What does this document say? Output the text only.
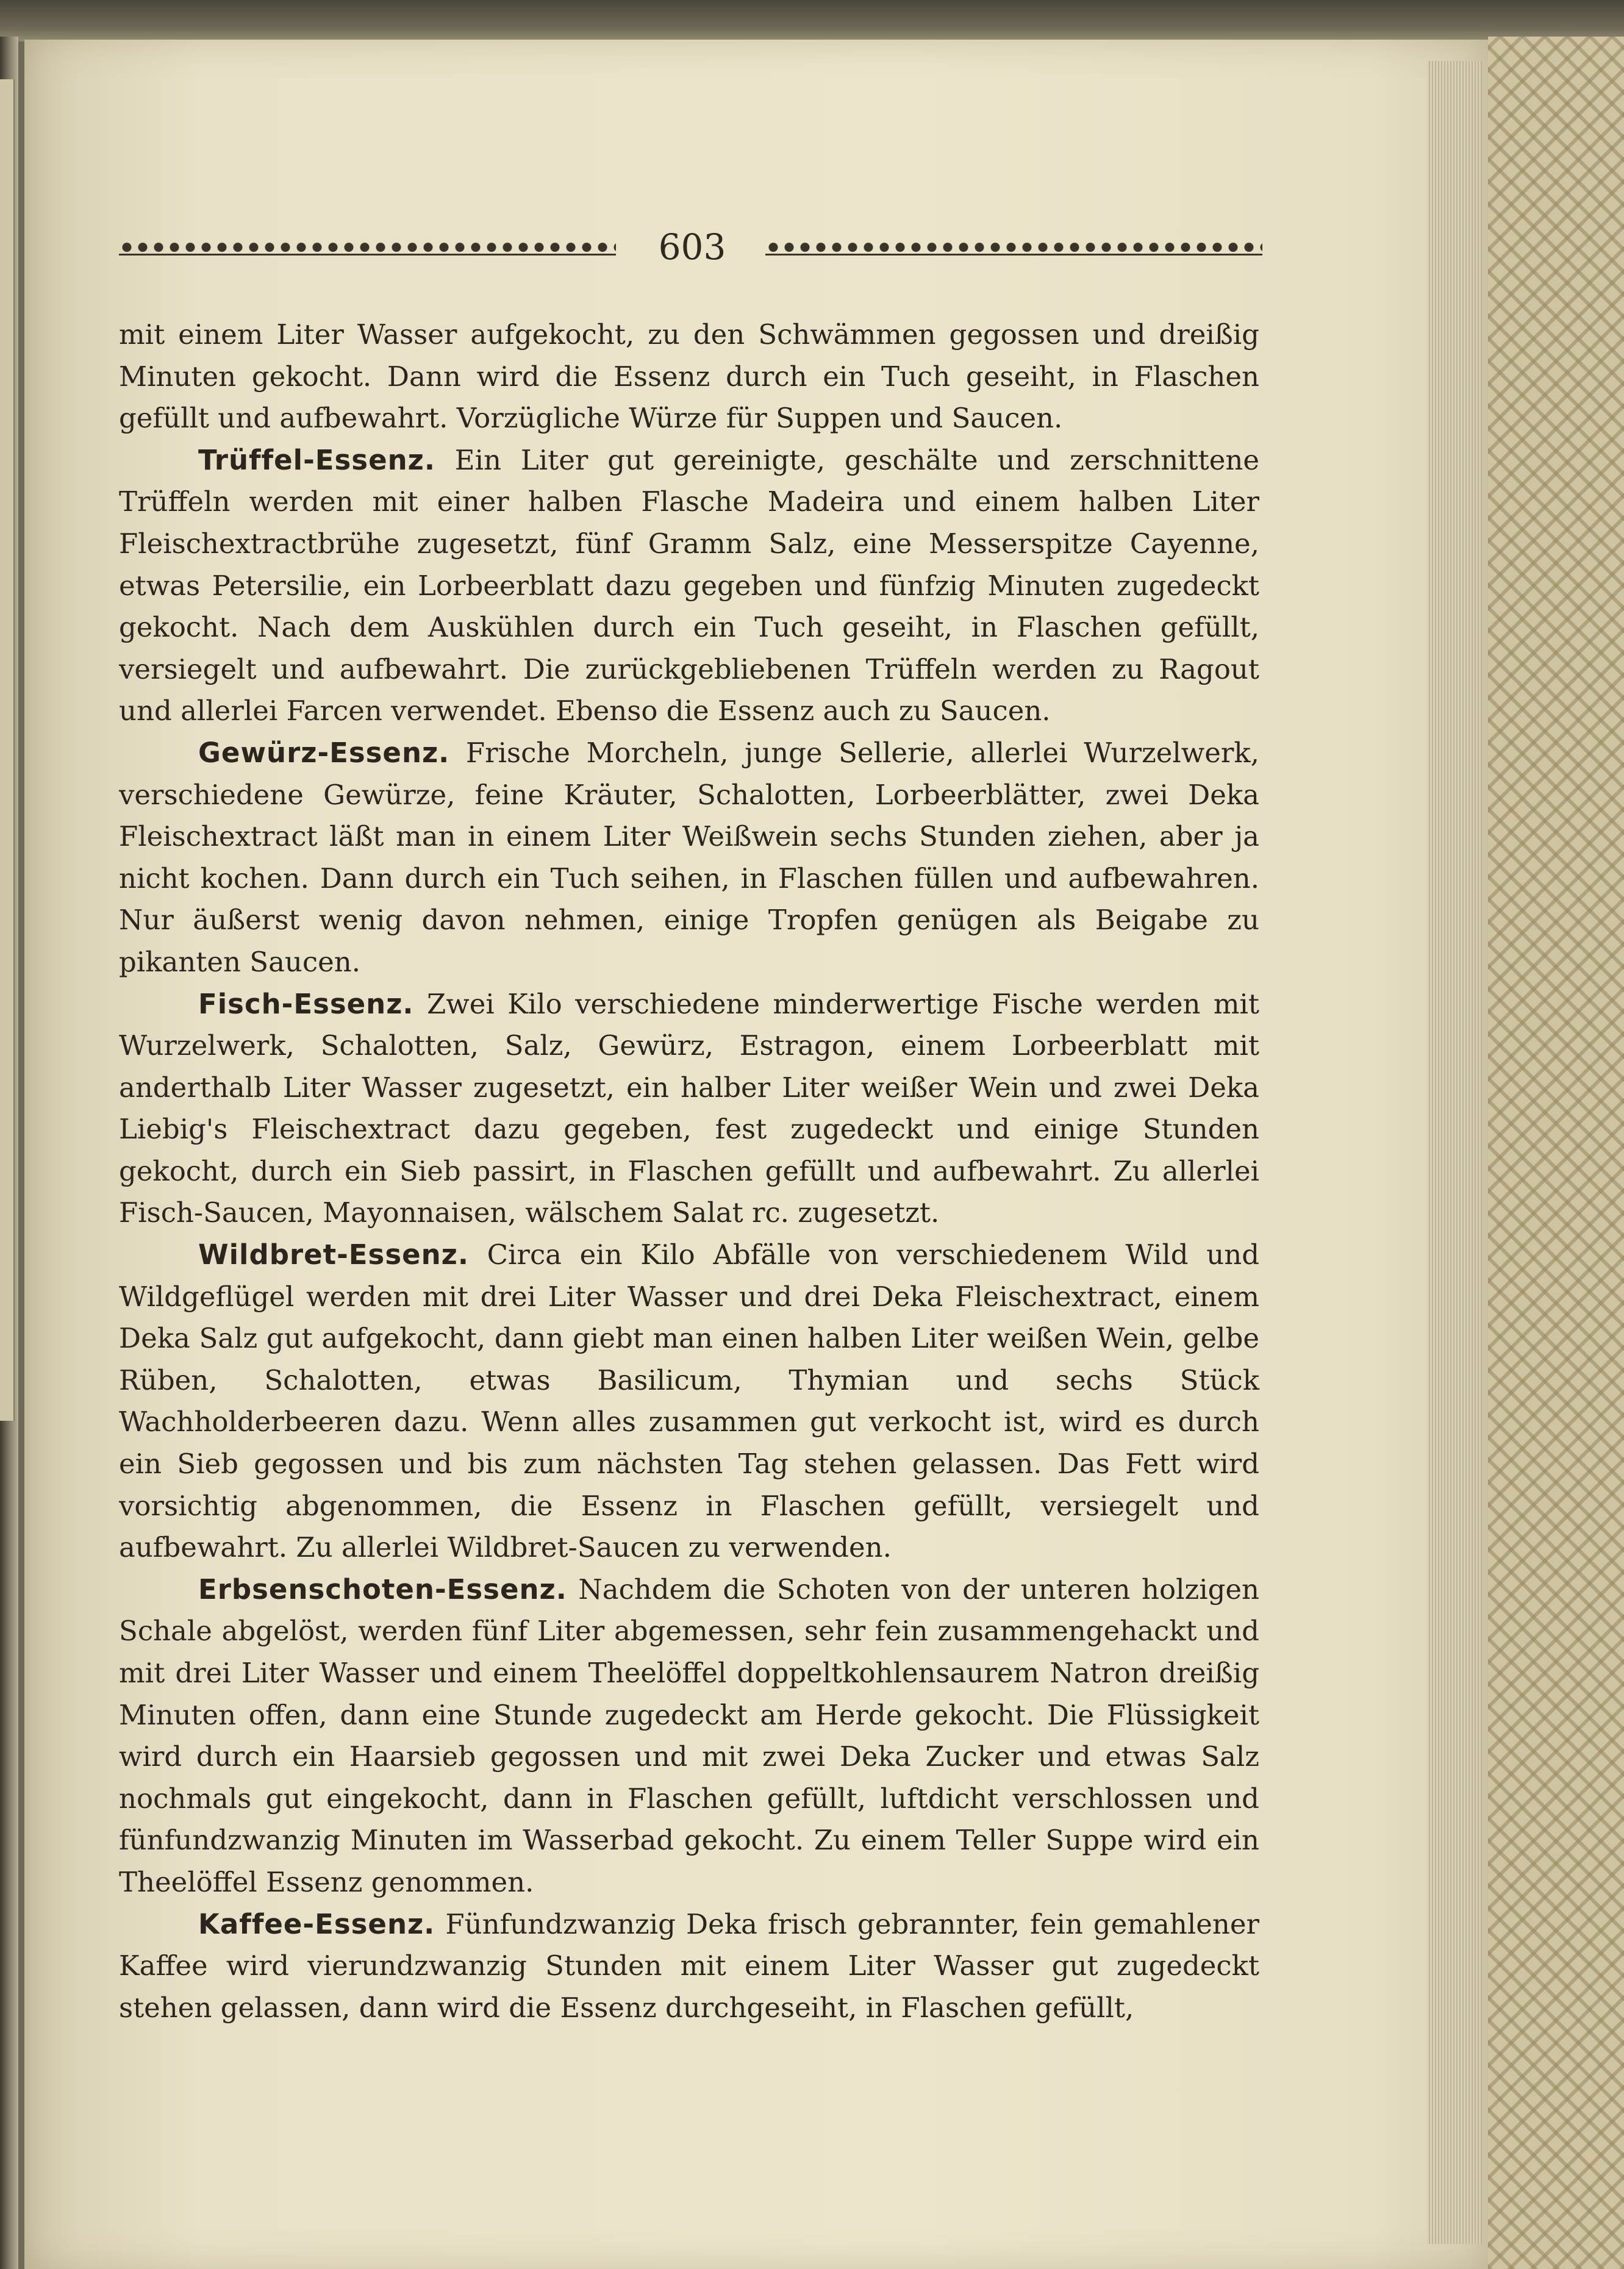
603

mit einem Liter Wasser aufgekocht, zu den Schwämmen gegossen und dreißig Minuten gekocht. Dann wird die Essenz durch ein Tuch geseiht, in Flaschen gefüllt und aufbewahrt. Vorzügliche Würze für Suppen und Saucen.

Trüffel-Essenz. Ein Liter gut gereinigte, geschälte und zerschnittene Trüffeln werden mit einer halben Flasche Madeira und einem halben Liter Fleischextractbrühe zugesetzt, fünf Gramm Salz, eine Messerspitze Cayenne, etwas Petersilie, ein Lorbeerblatt dazu gegeben und fünfzig Minuten zugedeckt gekocht. Nach dem Auskühlen durch ein Tuch geseiht, in Flaschen gefüllt, versiegelt und aufbewahrt. Die zurückgebliebenen Trüffeln werden zu Ragout und allerlei Farcen verwendet. Ebenso die Essenz auch zu Saucen.

Gewürz-Essenz. Frische Morcheln, junge Sellerie, allerlei Wurzelwerk, verschiedene Gewürze, feine Kräuter, Schalotten, Lorbeerblätter, zwei Deka Fleischextract läßt man in einem Liter Weißwein sechs Stunden ziehen, aber ja nicht kochen. Dann durch ein Tuch seihen, in Flaschen füllen und aufbewahren. Nur äußerst wenig davon nehmen, einige Tropfen genügen als Beigabe zu pikanten Saucen.

Fisch-Essenz. Zwei Kilo verschiedene minderwertige Fische werden mit Wurzelwerk, Schalotten, Salz, Gewürz, Estragon, einem Lorbeerblatt mit anderthalb Liter Wasser zugesetzt, ein halber Liter weißer Wein und zwei Deka Liebig's Fleischextract dazu gegeben, fest zugedeckt und einige Stunden gekocht, durch ein Sieb passirt, in Flaschen gefüllt und aufbewahrt. Zu allerlei Fisch-Saucen, Mayonnaisen, wälschem Salat rc. zugesetzt.

Wildbret-Essenz. Circa ein Kilo Abfälle von verschiedenem Wild und Wildgeflügel werden mit drei Liter Wasser und drei Deka Fleischextract, einem Deka Salz gut aufgekocht, dann giebt man einen halben Liter weißen Wein, gelbe Rüben, Schalotten, etwas Basilicum, Thymian und sechs Stück Wachholderbeeren dazu. Wenn alles zusammen gut verkocht ist, wird es durch ein Sieb gegossen und bis zum nächsten Tag stehen gelassen. Das Fett wird vorsichtig abgenommen, die Essenz in Flaschen gefüllt, versiegelt und aufbewahrt. Zu allerlei Wildbret-Saucen zu verwenden.

Erbsenschoten-Essenz. Nachdem die Schoten von der unteren holzigen Schale abgelöst, werden fünf Liter abgemessen, sehr fein zusammengehackt und mit drei Liter Wasser und einem Theelöffel doppeltkohlensaurem Natron dreißig Minuten offen, dann eine Stunde zugedeckt am Herde gekocht. Die Flüssigkeit wird durch ein Haarsieb gegossen und mit zwei Deka Zucker und etwas Salz nochmals gut eingekocht, dann in Flaschen gefüllt, luftdicht verschlossen und fünfundzwanzig Minuten im Wasserbad gekocht. Zu einem Teller Suppe wird ein Theelöffel Essenz genommen.

Kaffee-Essenz. Fünfundzwanzig Deka frisch gebrannter, fein gemahlener Kaffee wird vierundzwanzig Stunden mit einem Liter Wasser gut zugedeckt stehen gelassen, dann wird die Essenz durchgeseiht, in Flaschen gefüllt,
